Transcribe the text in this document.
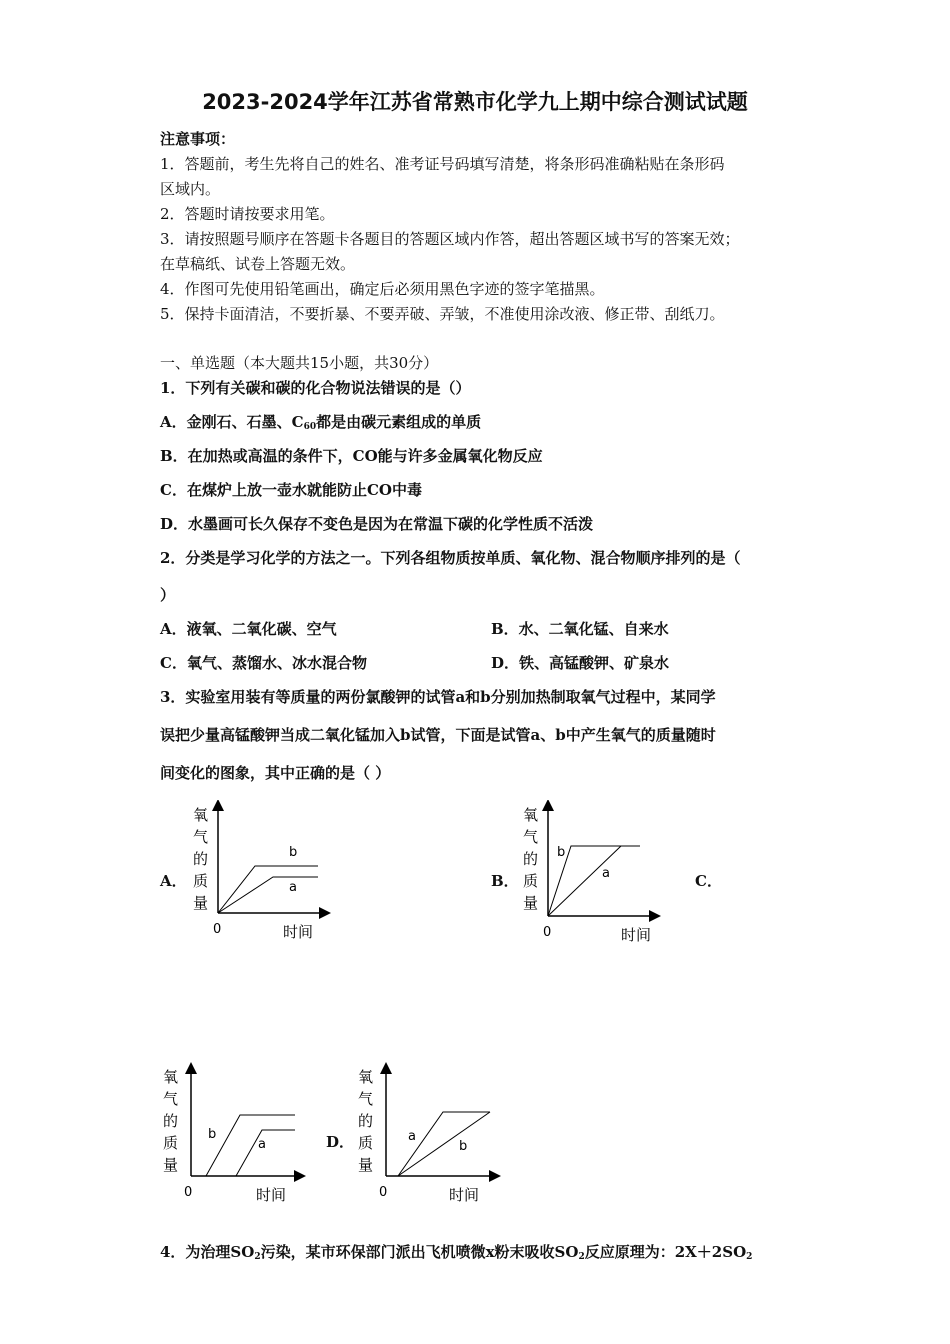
2023-2024学年江苏省常熟市化学九上期中综合测试试题
注意事项：
1．答题前，考生先将自己的姓名、准考证号码填写清楚，将条形码准确粘贴在条形码
区域内。
2．答题时请按要求用笔。
3．请按照题号顺序在答题卡各题目的答题区域内作答，超出答题区域书写的答案无效；
在草稿纸、试卷上答题无效。
4．作图可先使用铅笔画出，确定后必须用黑色字迹的签字笔描黑。
5．保持卡面清洁，不要折暴、不要弄破、弄皱，不准使用涂改液、修正带、刮纸刀。
一、单选题（本大题共15小题，共30分）
1．下列有关碳和碳的化合物说法错误的是（）
A．金刚石、石墨、$C_{60}$都是由碳元素组成的单质
B．在加热或高温的条件下，CO能与许多金属氧化物反应
C．在煤炉上放一壶水就能防止CO中毒
D．水墨画可长久保存不变色是因为在常温下碳的化学性质不活泼
2．分类是学习化学的方法之一。下列各组物质按单质、氧化物、混合物顺序排列的是（
）
A．液氧、二氧化碳、空气	B．水、二氧化锰、自来水
C．氧气、蒸馏水、冰水混合物	D．铁、高锰酸钾、矿泉水
3．实验室用装有等质量的两份氯酸钾的试管a和b分别加热制取氧气过程中，某同学
误把少量高锰酸钾当成二氧化锰加入b试管，下面是试管a、b中产生氧气的质量随时
间变化的图象，其中正确的是（ ）
A．	B．	C．
D．
氧
气
的
质
量
0	时间
b
a
氧
气
的
质
量
0	时间
b
a
氧
气
的
质
量
0	时间
b
a
氧
气
的
质
量
0	时间
a
b
4．为治理$SO_2$污染，某市环保部门派出飞机喷微x粉末吸收$SO_2$反应原理为：$2X+2SO_2$
